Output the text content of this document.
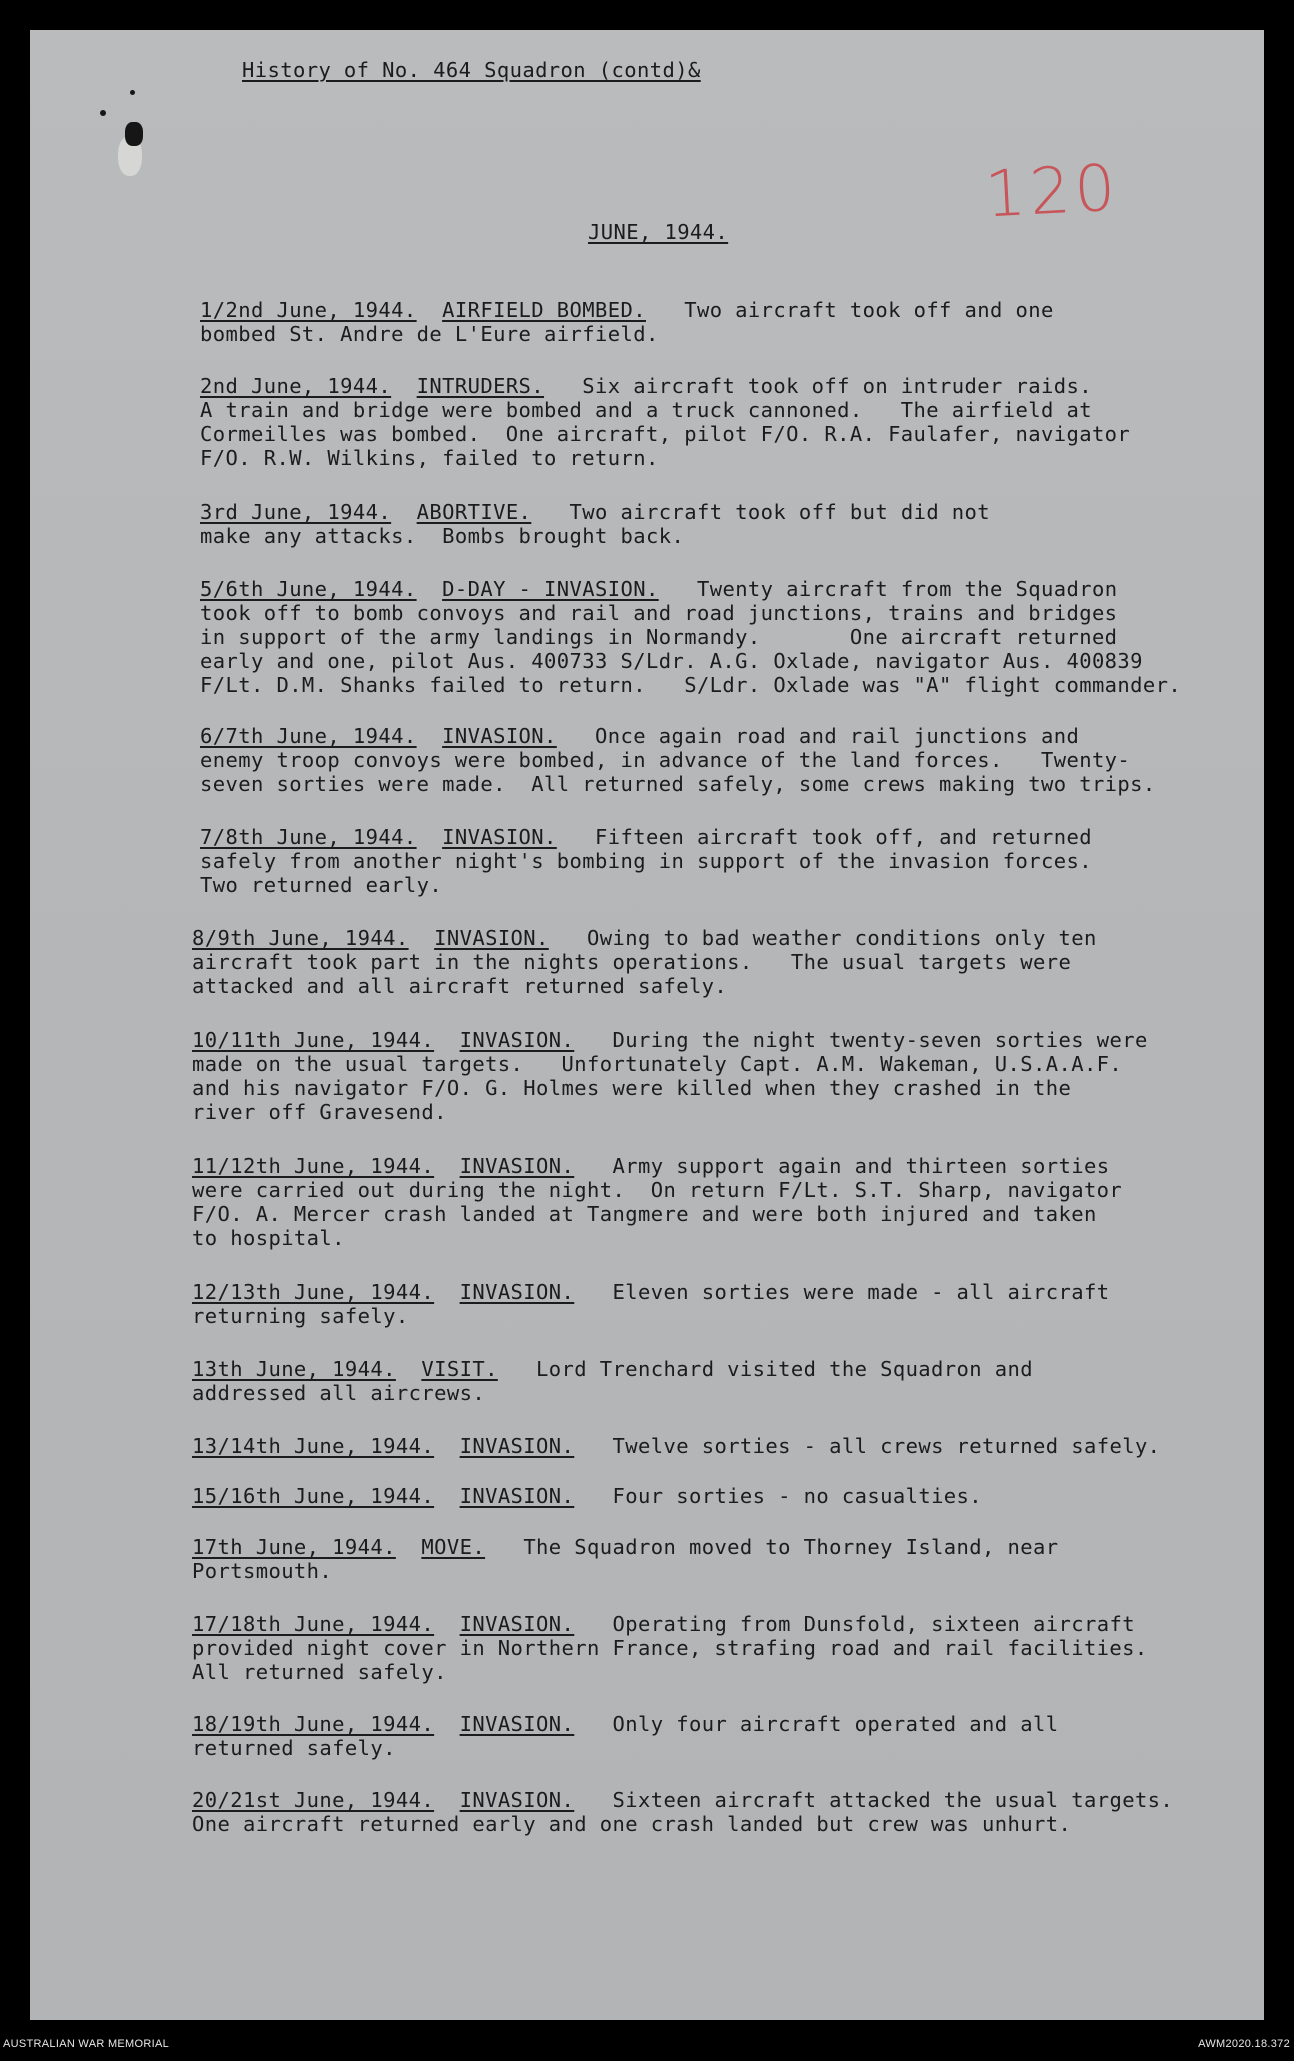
History of No. 464 Squadron (contd)&
120
JUNE, 1944.
1/2nd June, 1944. AIRFIELD BOMBED. Two aircraft took off and one
bombed St. Andre de L'Eure airfield.
2nd June, 1944. INTRUDERS. Six aircraft took off on intruder raids.
A train and bridge were bombed and a truck cannoned.   The airfield at
Cormeilles was bombed.  One aircraft, pilot F/O. R.A. Faulafer, navigator
F/O. R.W. Wilkins, failed to return.
3rd June, 1944. ABORTIVE. Two aircraft took off but did not
make any attacks.  Bombs brought back.
5/6th June, 1944. D-DAY - INVASION. Twenty aircraft from the Squadron
took off to bomb convoys and rail and road junctions, trains and bridges
in support of the army landings in Normandy.       One aircraft returned
early and one, pilot Aus. 400733 S/Ldr. A.G. Oxlade, navigator Aus. 400839
F/Lt. D.M. Shanks failed to return.   S/Ldr. Oxlade was "A" flight commander.
6/7th June, 1944. INVASION. Once again road and rail junctions and
enemy troop convoys were bombed, in advance of the land forces.   Twenty-
seven sorties were made.  All returned safely, some crews making two trips.
7/8th June, 1944. INVASION. Fifteen aircraft took off, and returned
safely from another night's bombing in support of the invasion forces.
Two returned early.
8/9th June, 1944. INVASION. Owing to bad weather conditions only ten
aircraft took part in the nights operations.   The usual targets were
attacked and all aircraft returned safely.
10/11th June, 1944. INVASION. During the night twenty-seven sorties were
made on the usual targets.   Unfortunately Capt. A.M. Wakeman, U.S.A.A.F.
and his navigator F/O. G. Holmes were killed when they crashed in the
river off Gravesend.
11/12th June, 1944. INVASION. Army support again and thirteen sorties
were carried out during the night.  On return F/Lt. S.T. Sharp, navigator
F/O. A. Mercer crash landed at Tangmere and were both injured and taken
to hospital.
12/13th June, 1944. INVASION. Eleven sorties were made - all aircraft
returning safely.
13th June, 1944. VISIT. Lord Trenchard visited the Squadron and
addressed all aircrews.
13/14th June, 1944. INVASION. Twelve sorties - all crews returned safely.
15/16th June, 1944. INVASION. Four sorties - no casualties.
17th June, 1944. MOVE. The Squadron moved to Thorney Island, near
Portsmouth.
17/18th June, 1944. INVASION. Operating from Dunsfold, sixteen aircraft
provided night cover in Northern France, strafing road and rail facilities.
All returned safely.
18/19th June, 1944. INVASION. Only four aircraft operated and all
returned safely.
20/21st June, 1944. INVASION. Sixteen aircraft attacked the usual targets.
One aircraft returned early and one crash landed but crew was unhurt.
AUSTRALIAN WAR MEMORIAL	AWM2020.18.372
